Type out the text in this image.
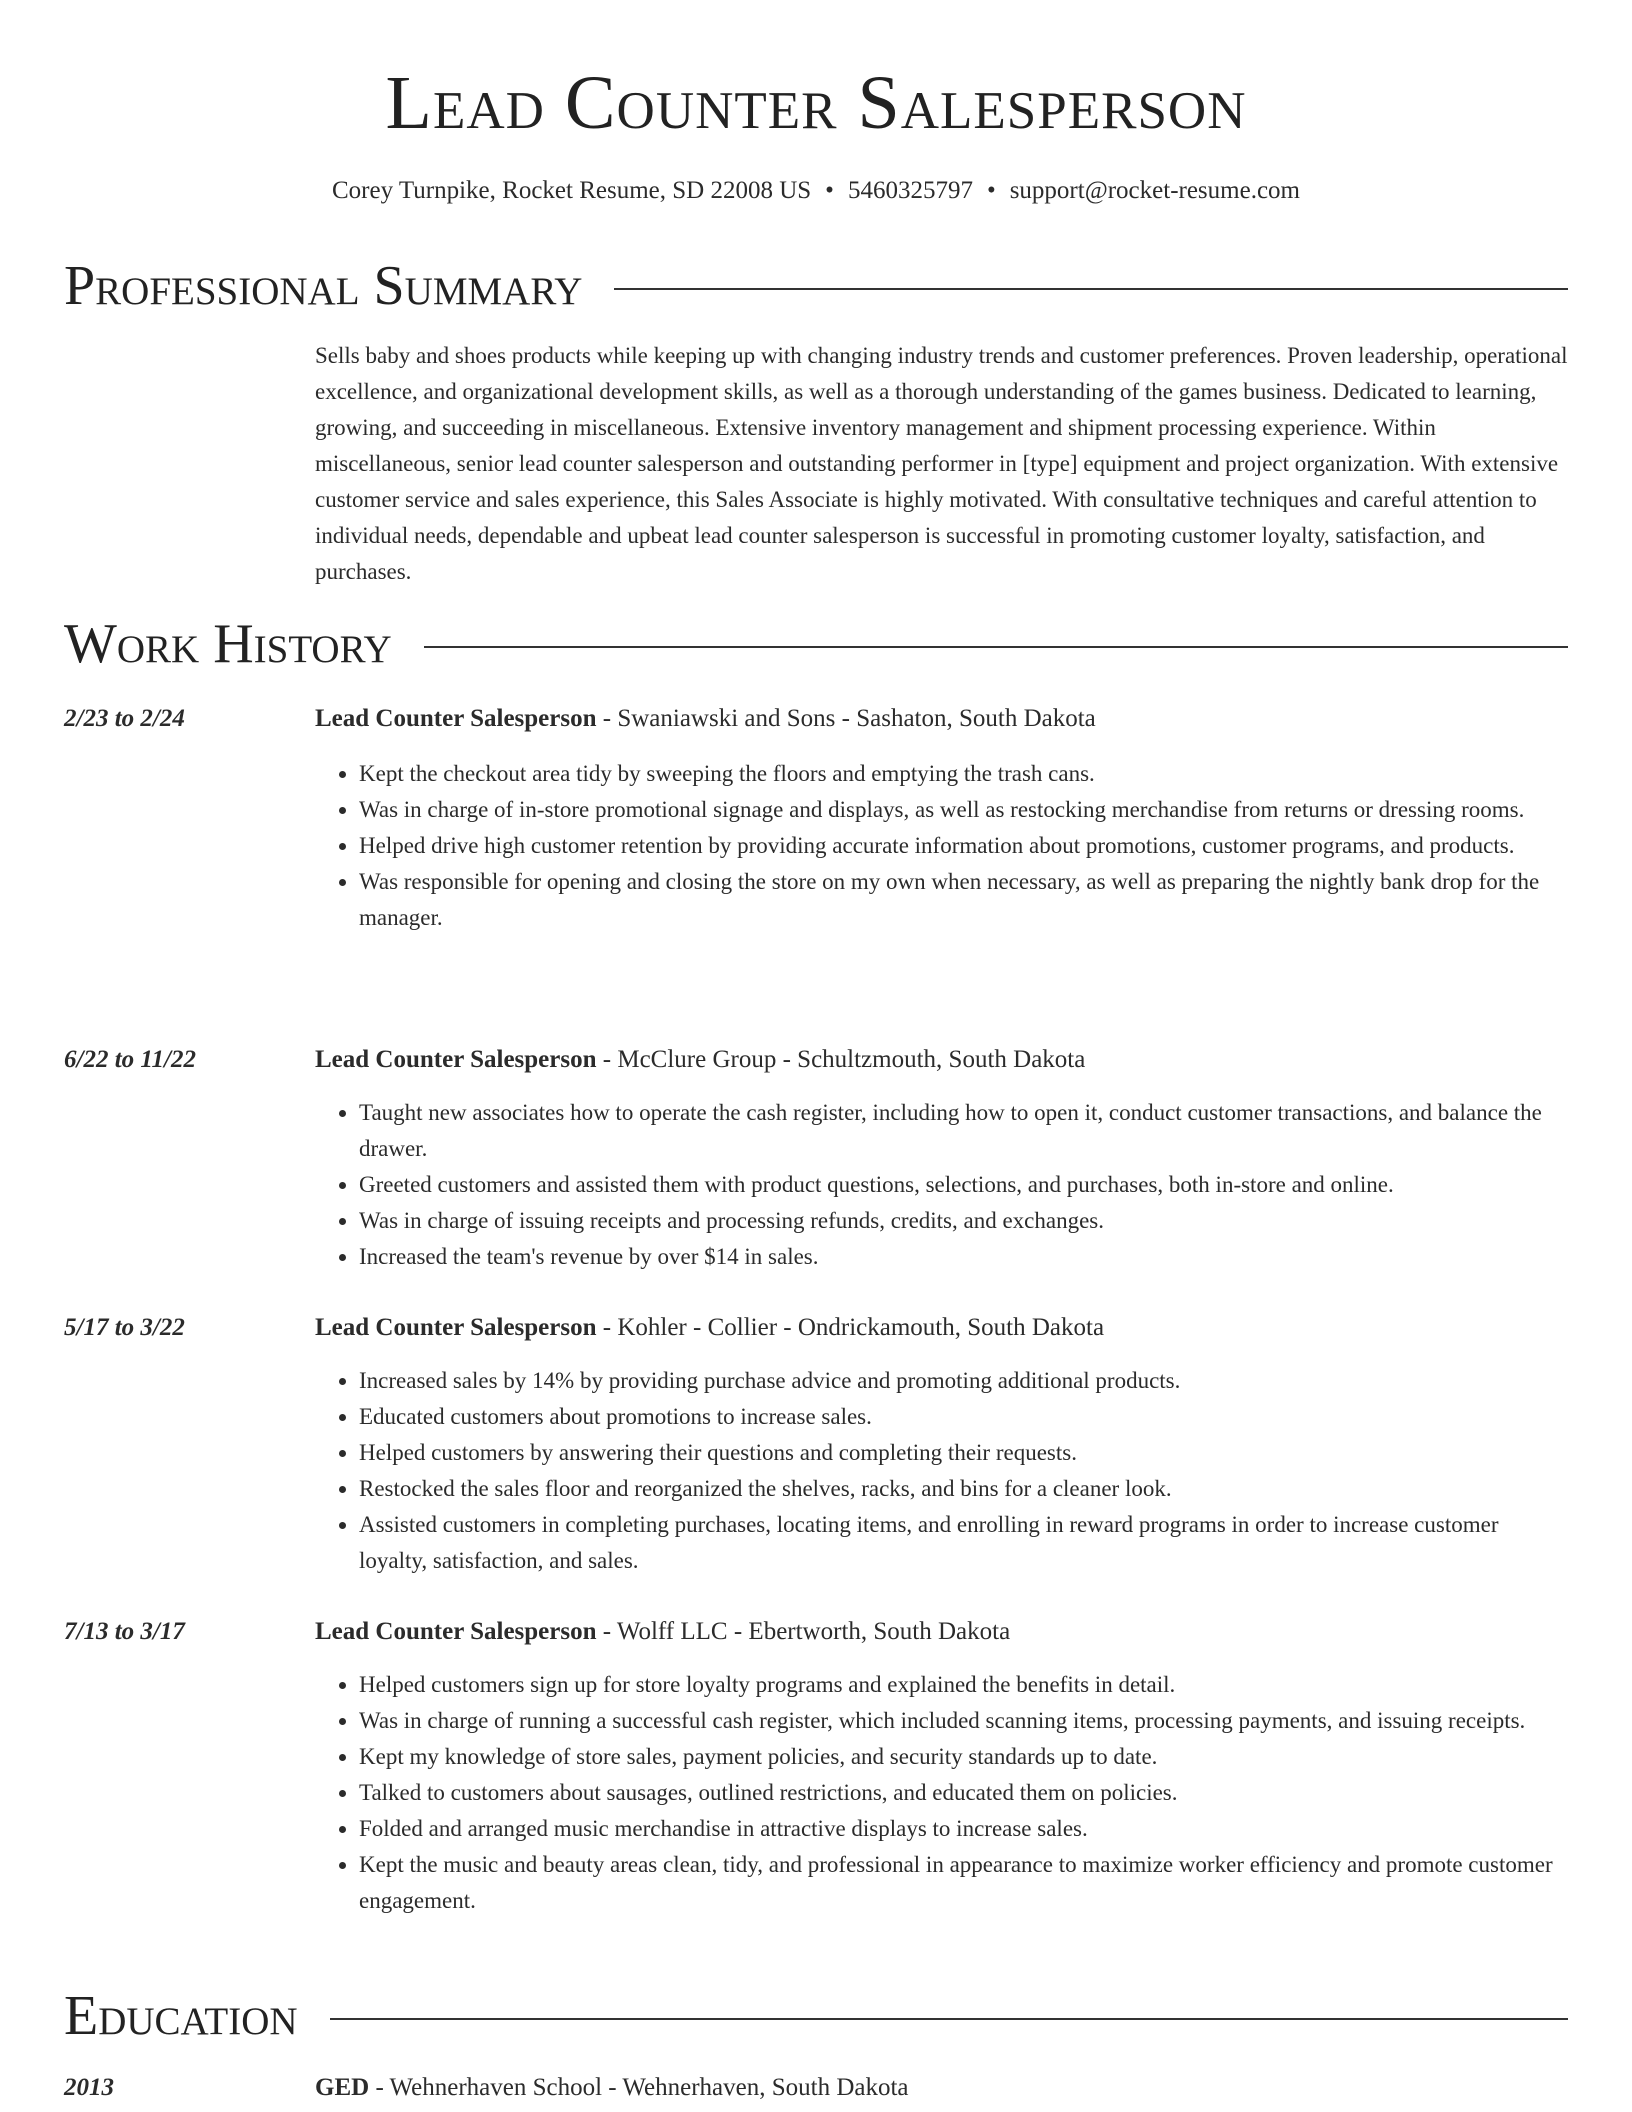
Lead Counter Salesperson
Corey Turnpike, Rocket Resume, SD 22008 US • 5460325797 • support@rocket-resume.com
Professional Summary

Sells baby and shoes products while keeping up with changing industry trends and customer preferences. Proven leadership, operational excellence, and organizational development skills, as well as a thorough understanding of the games business. Dedicated to learning, growing, and succeeding in miscellaneous. Extensive inventory management and shipment processing experience. Within miscellaneous, senior lead counter salesperson and outstanding performer in [type] equipment and project organization. With extensive customer service and sales experience, this Sales Associate is highly motivated. With consultative techniques and careful attention to individual needs, dependable and upbeat lead counter salesperson is successful in promoting customer loyalty, satisfaction, and purchases.

Work History
2/23 to 2/24	Lead Counter Salesperson - Swaniawski and Sons - Sashaton, South Dakota
• Kept the checkout area tidy by sweeping the floors and emptying the trash cans.
• Was in charge of in-store promotional signage and displays, as well as restocking merchandise from returns or dressing rooms.
• Helped drive high customer retention by providing accurate information about promotions, customer programs, and products.
• Was responsible for opening and closing the store on my own when necessary, as well as preparing the nightly bank drop for the manager.
6/22 to 11/22	Lead Counter Salesperson - McClure Group - Schultzmouth, South Dakota
• Taught new associates how to operate the cash register, including how to open it, conduct customer transactions, and balance the drawer.
• Greeted customers and assisted them with product questions, selections, and purchases, both in-store and online.
• Was in charge of issuing receipts and processing refunds, credits, and exchanges.
• Increased the team's revenue by over $14 in sales.
5/17 to 3/22	Lead Counter Salesperson - Kohler - Collier - Ondrickamouth, South Dakota
• Increased sales by 14% by providing purchase advice and promoting additional products.
• Educated customers about promotions to increase sales.
• Helped customers by answering their questions and completing their requests.
• Restocked the sales floor and reorganized the shelves, racks, and bins for a cleaner look.
• Assisted customers in completing purchases, locating items, and enrolling in reward programs in order to increase customer loyalty, satisfaction, and sales.
7/13 to 3/17	Lead Counter Salesperson - Wolff LLC - Ebertworth, South Dakota
• Helped customers sign up for store loyalty programs and explained the benefits in detail.
• Was in charge of running a successful cash register, which included scanning items, processing payments, and issuing receipts.
• Kept my knowledge of store sales, payment policies, and security standards up to date.
• Talked to customers about sausages, outlined restrictions, and educated them on policies.
• Folded and arranged music merchandise in attractive displays to increase sales.
• Kept the music and beauty areas clean, tidy, and professional in appearance to maximize worker efficiency and promote customer engagement.
Education
2013	GED - Wehnerhaven School - Wehnerhaven, South Dakota
